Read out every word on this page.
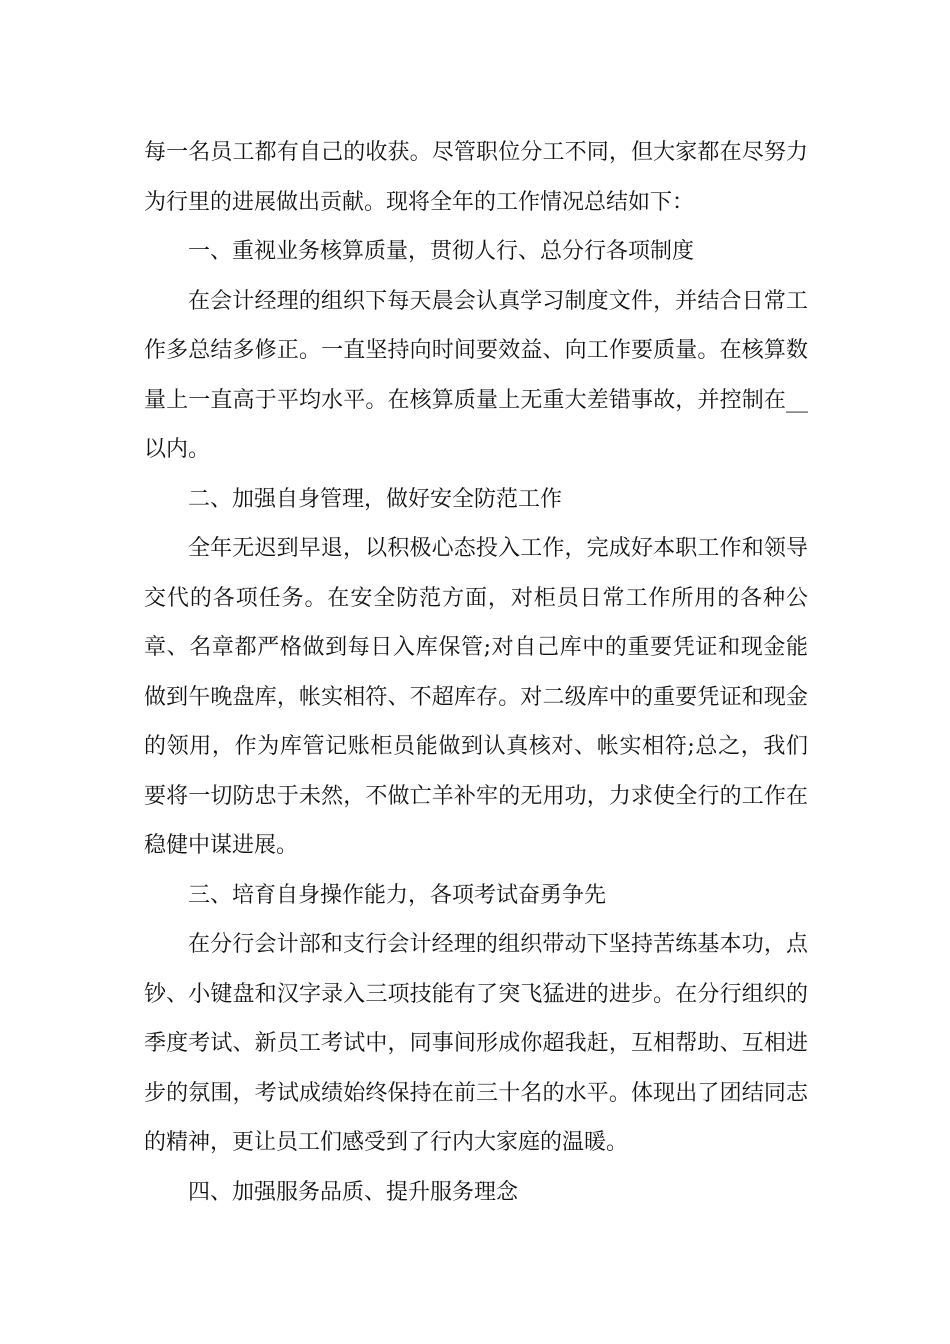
每一名员工都有自己的收获。尽管职位分工不同，但大家都在尽努力为行里的进展做出贡献。现将全年的工作情况总结如下：

一、重视业务核算质量，贯彻人行、总分行各项制度

在会计经理的组织下每天晨会认真学习制度文件，并结合日常工作多总结多修正。一直坚持向时间要效益、向工作要质量。在核算数量上一直高于平均水平。在核算质量上无重大差错事故，并控制在__以内。

二、加强自身管理，做好安全防范工作

全年无迟到早退，以积极心态投入工作，完成好本职工作和领导交代的各项任务。在安全防范方面，对柜员日常工作所用的各种公章、名章都严格做到每日入库保管;对自己库中的重要凭证和现金能做到午晚盘库，帐实相符、不超库存。对二级库中的重要凭证和现金的领用，作为库管记账柜员能做到认真核对、帐实相符;总之，我们要将一切防忠于未然，不做亡羊补牢的无用功，力求使全行的工作在稳健中谋进展。

三、培育自身操作能力，各项考试奋勇争先

在分行会计部和支行会计经理的组织带动下坚持苦练基本功，点钞、小键盘和汉字录入三项技能有了突飞猛进的进步。在分行组织的季度考试、新员工考试中，同事间形成你超我赶，互相帮助、互相进步的氛围，考试成绩始终保持在前三十名的水平。体现出了团结同志的精神，更让员工们感受到了行内大家庭的温暖。

四、加强服务品质、提升服务理念
